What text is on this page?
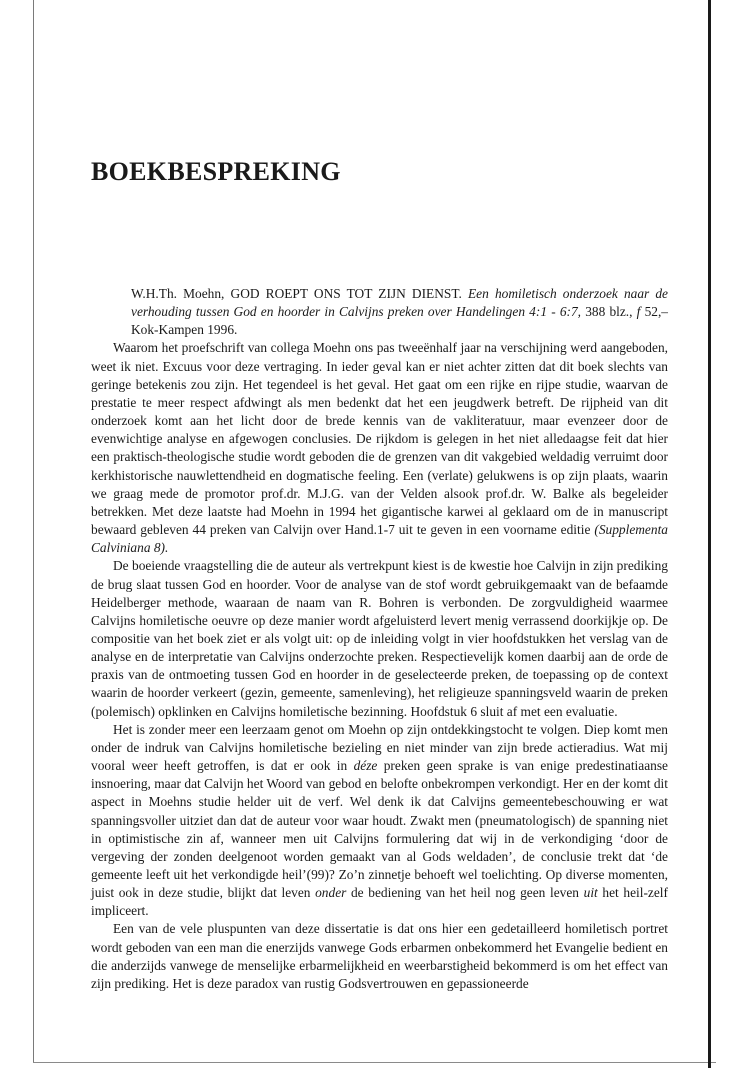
BOEKBESPREKING

W.H.Th. Moehn, GOD ROEPT ONS TOT ZIJN DIENST. Een homiletisch onderzoek naar de verhouding tussen God en hoorder in Calvijns preken over Handelingen 4:1 - 6:7, 388 blz., f 52,– Kok-Kampen 1996.

Waarom het proefschrift van collega Moehn ons pas tweeënhalf jaar na verschijning werd aangeboden, weet ik niet. Excuus voor deze vertraging. In ieder geval kan er niet achter zitten dat dit boek slechts van geringe betekenis zou zijn. Het tegendeel is het geval. Het gaat om een rijke en rijpe studie, waarvan de prestatie te meer respect afdwingt als men bedenkt dat het een jeugdwerk betreft. De rijpheid van dit onderzoek komt aan het licht door de brede kennis van de vakliteratuur, maar evenzeer door de evenwichtige analyse en afgewogen conclusies. De rijkdom is gelegen in het niet alledaagse feit dat hier een praktisch-theologische studie wordt geboden die de grenzen van dit vakgebied weldadig verruimt door kerkhistorische nauwlettendheid en dogmatische feeling. Een (verlate) gelukwens is op zijn plaats, waarin we graag mede de promotor prof.dr. M.J.G. van der Velden alsook prof.dr. W. Balke als begeleider betrekken. Met deze laatste had Moehn in 1994 het gigantische karwei al geklaard om de in manuscript bewaard gebleven 44 preken van Calvijn over Hand.1-7 uit te geven in een voorname editie (Supplementa Calviniana 8).

De boeiende vraagstelling die de auteur als vertrekpunt kiest is de kwestie hoe Calvijn in zijn prediking de brug slaat tussen God en hoorder. Voor de analyse van de stof wordt gebruikgemaakt van de befaamde Heidelberger methode, waaraan de naam van R. Bohren is verbonden. De zorgvuldigheid waarmee Calvijns homiletische oeuvre op deze manier wordt afgeluisterd levert menig verrassend doorkijkje op. De compositie van het boek ziet er als volgt uit: op de inleiding volgt in vier hoofdstukken het verslag van de analyse en de interpretatie van Calvijns onderzochte preken. Respectievelijk komen daarbij aan de orde de praxis van de ontmoeting tussen God en hoorder in de geselecteerde preken, de toepassing op de context waarin de hoorder verkeert (gezin, gemeente, samenleving), het religieuze spanningsveld waarin de preken (polemisch) opklinken en Calvijns homiletische bezinning. Hoofdstuk 6 sluit af met een evaluatie.

Het is zonder meer een leerzaam genot om Moehn op zijn ontdekkingstocht te volgen. Diep komt men onder de indruk van Calvijns homiletische bezieling en niet minder van zijn brede actieradius. Wat mij vooral weer heeft getroffen, is dat er ook in déze preken geen sprake is van enige predestinatiaanse insnoering, maar dat Calvijn het Woord van gebod en belofte onbekrompen verkondigt. Her en der komt dit aspect in Moehns studie helder uit de verf. Wel denk ik dat Calvijns gemeentebeschouwing er wat spanningsvoller uitziet dan dat de auteur voor waar houdt. Zwakt men (pneumatologisch) de spanning niet in optimistische zin af, wanneer men uit Calvijns formulering dat wij in de verkondiging ‘door de vergeving der zonden deelgenoot worden gemaakt van al Gods weldaden’, de conclusie trekt dat ‘de gemeente leeft uit het verkondigde heil’(99)? Zo’n zinnetje behoeft wel toelichting. Op diverse momenten, juist ook in deze studie, blijkt dat leven onder de bediening van het heil nog geen leven uit het heil-zelf impliceert.

Een van de vele pluspunten van deze dissertatie is dat ons hier een gedetailleerd homiletisch portret wordt geboden van een man die enerzijds vanwege Gods erbarmen onbekommerd het Evangelie bedient en die anderzijds vanwege de menselijke erbarmelijkheid en weerbarstigheid bekommerd is om het effect van zijn prediking. Het is deze paradox van rustig Godsvertrouwen en gepassioneerde
